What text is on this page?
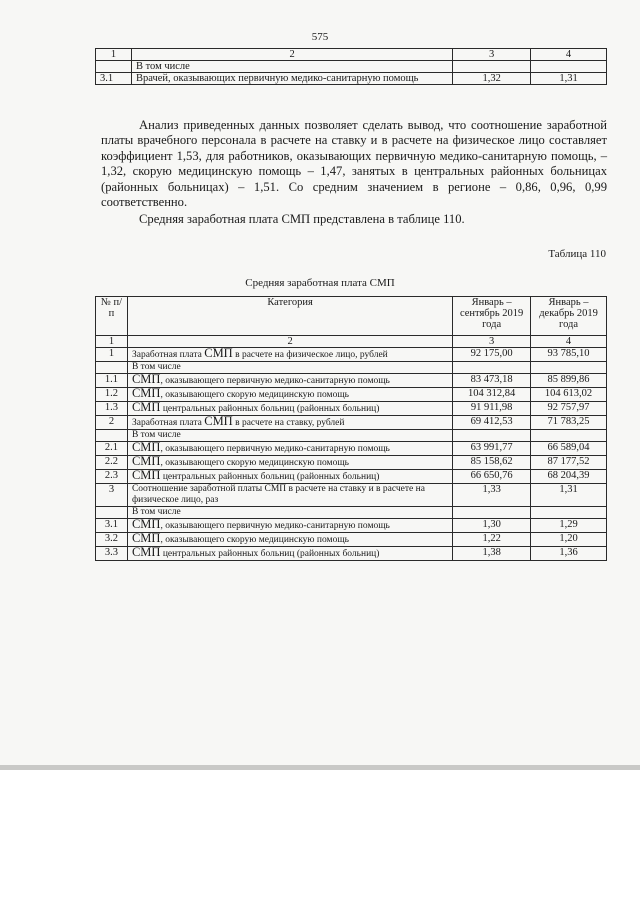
575
1	2	3	4
	В том числе		
3.1	Врачей, оказывающих первичную медико-санитарную помощь	1,32	1,31

Анализ приведенных данных позволяет сделать вывод, что соотношение заработной платы врачебного персонала в расчете на ставку и в расчете на физическое лицо составляет коэффициент 1,53, для работников, оказывающих первичную медико-санитарную помощь, – 1,32, скорую медицинскую помощь – 1,47, занятых в центральных районных больницах (районных больницах) – 1,51. Со средним значением в регионе – 0,86, 0,96, 0,99 соответственно.

Средняя заработная плата СМП представлена в таблице 110.

Таблица 110
Средняя заработная плата СМП
№ п/п	Категория	Январь – сентябрь 2019 года	Январь – декабрь 2019 года
1	2	3	4
1	Заработная плата СМП в расчете на физическое лицо, рублей	92 175,00	93 785,10
	В том числе		
1.1	СМП, оказывающего первичную медико-санитарную помощь	83 473,18	85 899,86
1.2	СМП, оказывающего скорую медицинскую помощь	104 312,84	104 613,02
1.3	СМП центральных районных больниц (районных больниц)	91 911,98	92 757,97
2	Заработная плата СМП в расчете на ставку, рублей	69 412,53	71 783,25
	В том числе		
2.1	СМП, оказывающего первичную медико-санитарную помощь	63 991,77	66 589,04
2.2	СМП, оказывающего скорую медицинскую помощь	85 158,62	87 177,52
2.3	СМП центральных районных больниц (районных больниц)	66 650,76	68 204,39
3	Соотношение заработной платы СМП в расчете на ставку и в расчете на физическое лицо, раз	1,33	1,31
	В том числе		
3.1	СМП, оказывающего первичную медико-санитарную помощь	1,30	1,29
3.2	СМП, оказывающего скорую медицинскую помощь	1,22	1,20
3.3	СМП центральных районных больниц (районных больниц)	1,38	1,36
